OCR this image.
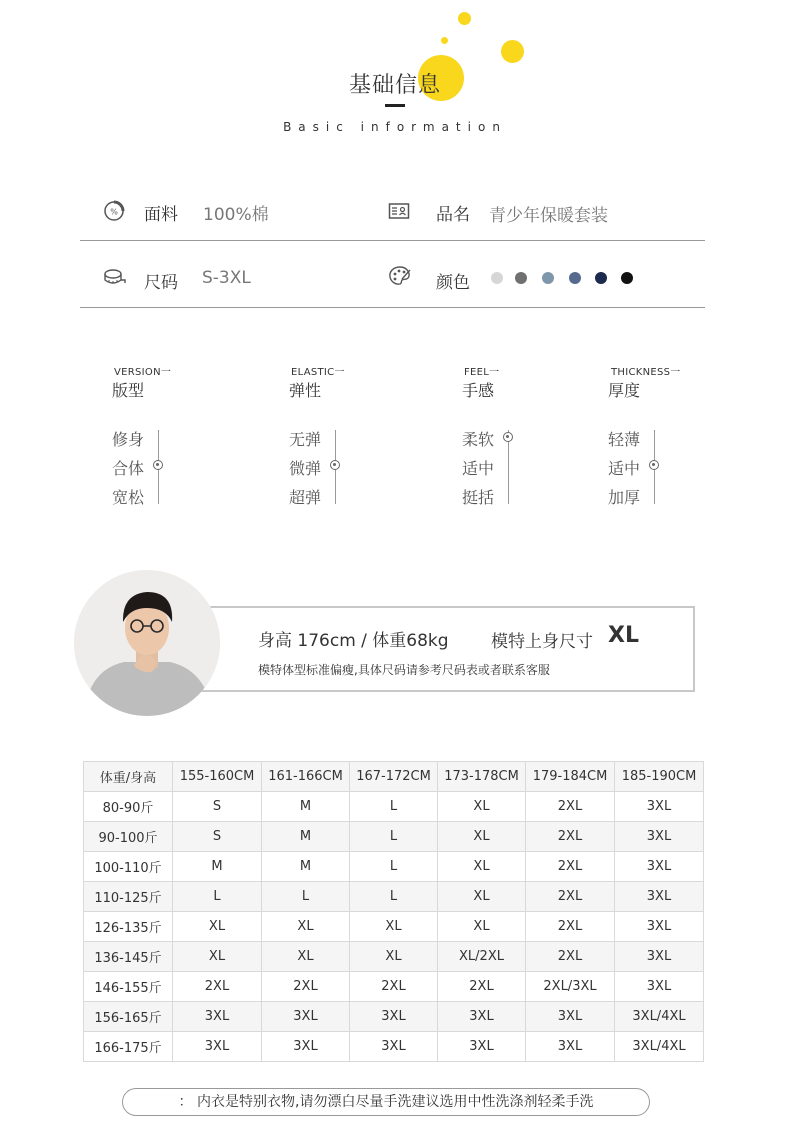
基础信息
Basic information
% 面料 100%棉	品名 青少年保暖套装
尺码 S-3XL	颜色
VERSION一
版型
修身
合体
宽松
ELASTIC一
弹性
无弹
微弹
超弹
FEEL一
手感
柔软
适中
挺括
THICKNESS一
厚度
轻薄
适中
加厚
身高 176cm / 体重68kg 模特上身尺寸 XL
模特体型标准偏瘦,具体尺码请参考尺码表或者联系客服
体重/身高	155-160CM	161-166CM	167-172CM	173-178CM	179-184CM	185-190CM
80-90斤	S	M	L	XL	2XL	3XL
90-100斤	S	M	L	XL	2XL	3XL
100-110斤	M	M	L	XL	2XL	3XL
110-125斤	L	L	L	XL	2XL	3XL
126-135斤	XL	XL	XL	XL	2XL	3XL
136-145斤	XL	XL	XL	XL/2XL	2XL	3XL
146-155斤	2XL	2XL	2XL	2XL	2XL/3XL	3XL
156-165斤	3XL	3XL	3XL	3XL	3XL	3XL/4XL
166-175斤	3XL	3XL	3XL	3XL	3XL	3XL/4XL
： 内衣是特别衣物,请勿漂白尽量手洗建议选用中性洗涤剂轻柔手洗
